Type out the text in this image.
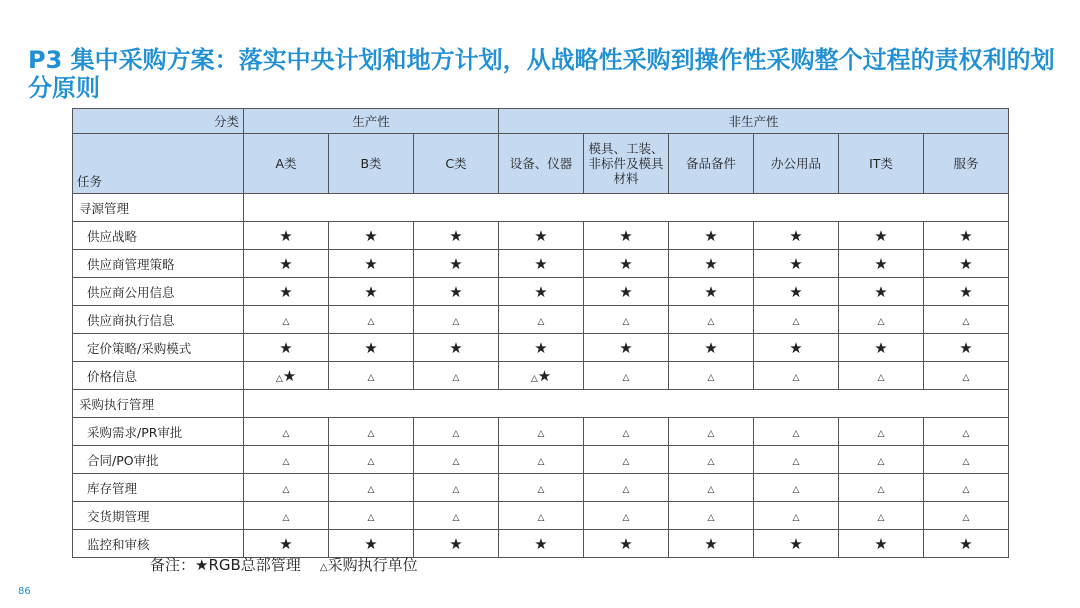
P3 集中采购方案：落实中央计划和地方计划，从战略性采购到操作性采购整个过程的责权利的划分原则
分类	生产性			非生产性					
任务	A类	B类	C类	设备、仪器	模具、工装、非标件及模具材料	备品备件	办公用品	IT类	服务
寻源管理									
供应战略	★	★	★	★	★	★	★	★	★
供应商管理策略	★	★	★	★	★	★	★	★	★
供应商公用信息	★	★	★	★	★	★	★	★	★
供应商执行信息	△	△	△	△	△	△	△	△	△
定价策略/采购模式	★	★	★	★	★	★	★	★	★
价格信息	△★	△	△	△★	△	△	△	△	△
采购执行管理									
采购需求/PR审批	△	△	△	△	△	△	△	△	△
合同/PO审批	△	△	△	△	△	△	△	△	△
库存管理	△	△	△	△	△	△	△	△	△
交货期管理	△	△	△	△	△	△	△	△	△
监控和审核	★	★	★	★	★	★	★	★	★
备注：★RGB总部管理 △采购执行单位
86
